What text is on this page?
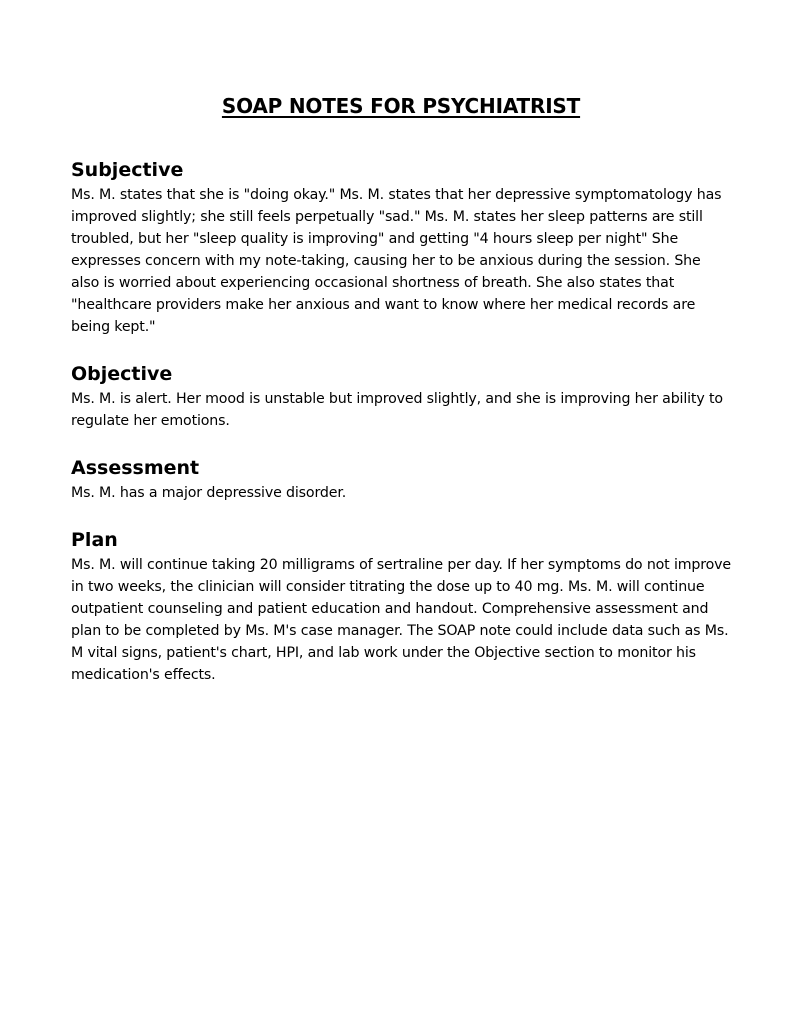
SOAP NOTES FOR PSYCHIATRIST
Subjective

Ms. M. states that she is "doing okay." Ms. M. states that her depressive symptomatology has improved slightly; she still feels perpetually "sad." Ms. M. states her sleep patterns are still troubled, but her "sleep quality is improving" and getting "4 hours sleep per night" She expresses concern with my note-taking, causing her to be anxious during the session. She also is worried about experiencing occasional shortness of breath. She also states that "healthcare providers make her anxious and want to know where her medical records are being kept."

Objective

Ms. M. is alert. Her mood is unstable but improved slightly, and she is improving her ability to regulate her emotions.

Assessment

Ms. M. has a major depressive disorder.

Plan

Ms. M. will continue taking 20 milligrams of sertraline per day. If her symptoms do not improve in two weeks, the clinician will consider titrating the dose up to 40 mg. Ms. M. will continue outpatient counseling and patient education and handout. Comprehensive assessment and plan to be completed by Ms. M's case manager. The SOAP note could include data such as Ms. M vital signs, patient's chart, HPI, and lab work under the Objective section to monitor his medication's effects.
